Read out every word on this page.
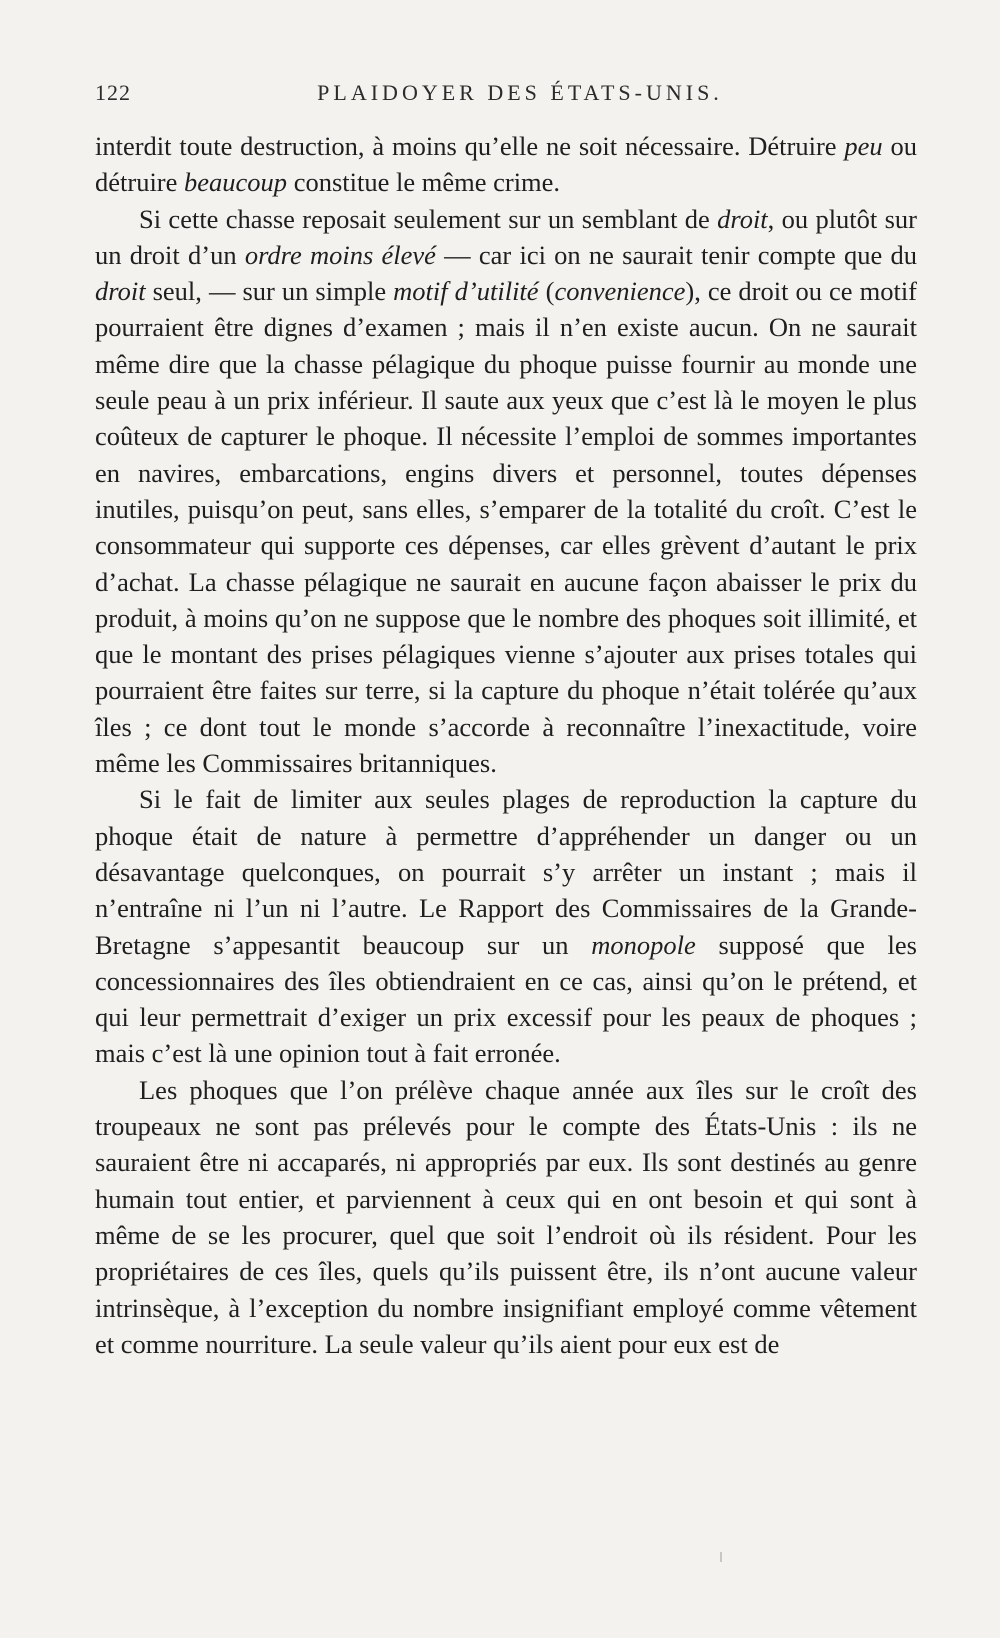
122	PLAIDOYER DES ÉTATS-UNIS.

interdit toute destruction, à moins qu’elle ne soit nécessaire. Détruire peu ou détruire beaucoup constitue le même crime.

Si cette chasse reposait seulement sur un semblant de droit, ou plutôt sur un droit d’un ordre moins élevé — car ici on ne saurait tenir compte que du droit seul, — sur un simple motif d’utilité (convenience), ce droit ou ce motif pourraient être dignes d’examen ; mais il n’en existe aucun. On ne saurait même dire que la chasse pélagique du phoque puisse fournir au monde une seule peau à un prix inférieur. Il saute aux yeux que c’est là le moyen le plus coûteux de capturer le phoque. Il nécessite l’emploi de sommes importantes en navires, embarcations, engins divers et personnel, toutes dépenses inutiles, puisqu’on peut, sans elles, s’emparer de la totalité du croît. C’est le consommateur qui supporte ces dépenses, car elles grèvent d’autant le prix d’achat. La chasse pélagique ne saurait en aucune façon abaisser le prix du produit, à moins qu’on ne suppose que le nombre des phoques soit illimité, et que le montant des prises pélagiques vienne s’ajouter aux prises totales qui pourraient être faites sur terre, si la capture du phoque n’était tolérée qu’aux îles ; ce dont tout le monde s’accorde à reconnaître l’inexactitude, voire même les Commissaires britanniques.

Si le fait de limiter aux seules plages de reproduction la capture du phoque était de nature à permettre d’appréhender un danger ou un désavantage quelconques, on pourrait s’y arrêter un instant ; mais il n’entraîne ni l’un ni l’autre. Le Rapport des Commissaires de la Grande-Bretagne s’appesantit beaucoup sur un monopole supposé que les concessionnaires des îles obtiendraient en ce cas, ainsi qu’on le prétend, et qui leur permettrait d’exiger un prix excessif pour les peaux de phoques ; mais c’est là une opinion tout à fait erronée.

Les phoques que l’on prélève chaque année aux îles sur le croît des troupeaux ne sont pas prélevés pour le compte des États-Unis : ils ne sauraient être ni accaparés, ni appropriés par eux. Ils sont destinés au genre humain tout entier, et parviennent à ceux qui en ont besoin et qui sont à même de se les procurer, quel que soit l’endroit où ils résident. Pour les propriétaires de ces îles, quels qu’ils puissent être, ils n’ont aucune valeur intrinsèque, à l’exception du nombre insignifiant employé comme vêtement et comme nourriture. La seule valeur qu’ils aient pour eux est de
